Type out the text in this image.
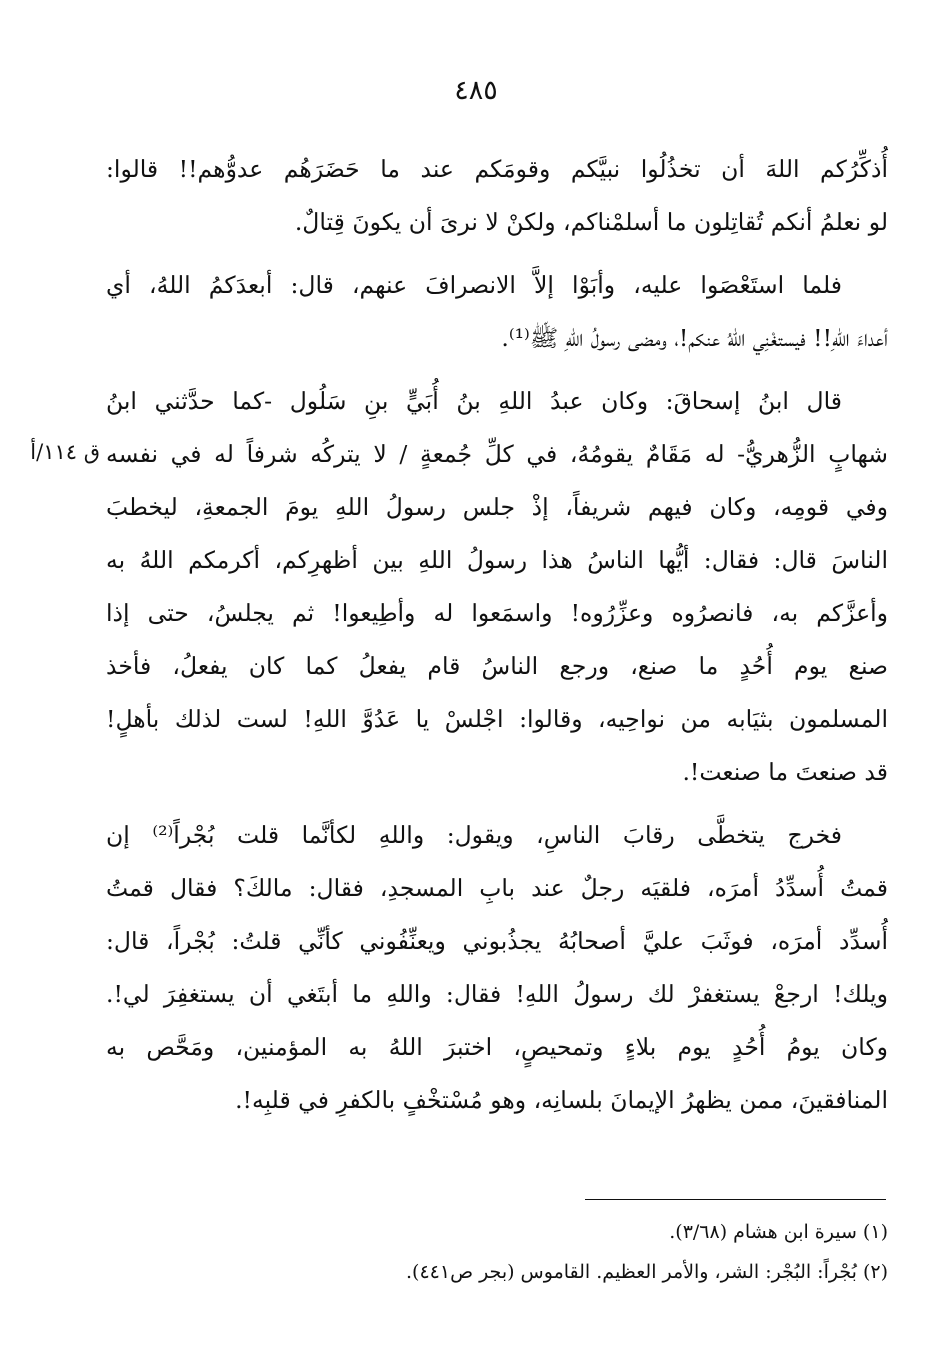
٤٨٥
ق ١١٤/أ
أُذكِّرُكم اللهَ أن تخذُلُوا نبيَّكم وقومَكم عند ما حَضَرَهُم عدوُّهم!! قالوا:
لو نعلمُ أنكم تُقاتِلون ما أسلمْناكم، ولكنْ لا نرىَ أن يكونَ قِتالٌ.
فلما استَعْصَوا عليه، وأبَوْا إلاَّ الانصرافَ عنهم، قال: أبعدَكمُ اللهُ، أي
أعداءَ اللهِ!! فيستغْنِي اللهُ عنكم!، ومضى رسولُ اللهِ ﷺ⁽¹⁾.
قال ابنُ إسحاقَ: وكان عبدُ اللهِ بنُ أُبَيٍّ بنِ سَلُول -كما حدَّثني ابنُ
شهابٍ الزُّهريُّ- له مَقَامٌ يقومُهُ، في كلِّ جُمعةٍ / لا يتركُه شرفاً له في نفسه
وفي قومِه، وكان فيهم شريفاً، إذْ جلس رسولُ اللهِ يومَ الجمعةِ، ليخطبَ
الناسَ قال: فقال: أيُّها الناسُ هذا رسولُ اللهِ بين أظهرِكم، أكرمكم اللهُ به
وأعزَّكم به، فانصرُوه وعزِّرُوه! واسمَعوا له وأطِيعوا! ثم يجلسُ، حتى إذا
صنع يوم أُحُدٍ ما صنع، ورجع الناسُ قام يفعلُ كما كان يفعلُ، فأخذ
المسلمون بثيَابه من نواحِيه، وقالوا: اجْلسْ يا عَدُوَّ اللهِ! لست لذلك بأهلٍ!
قد صنعتَ ما صنعت!.
فخرج يتخطَّى رقابَ الناسِ، ويقول: واللهِ لكأنَّما قلت بُجْراً⁽²⁾ إن
قمتُ أُسدِّدُ أمرَه، فلقيَه رجلٌ عند بابِ المسجدِ، فقال: مالكَ؟ فقال قمتُ
أُسدِّد أمرَه، فوثَبَ عليَّ أصحابُهُ يجذُبوني ويعنِّفُوني كأنِّي قلتُ: بُجْراً، قال:
ويلك! ارجعْ يستغفرْ لك رسولُ اللهِ! فقال: واللهِ ما أبتَغي أن يستغفِرَ لي!.
وكان يومُ أُحُدٍ يوم بلاءٍ وتمحيصٍ، اختبرَ اللهُ به المؤمنين، ومَحَّص به
المنافقينَ، ممن يظهرُ الإيمانَ بلسانِه، وهو مُسْتخْفٍ بالكفرِ في قلبِه!.
(١) سيرة ابن هشام (٣/٦٨).
(٢) بُجْراً: البُجْر: الشر، والأمر العظيم. القاموس (بجر ص٤٤١).
